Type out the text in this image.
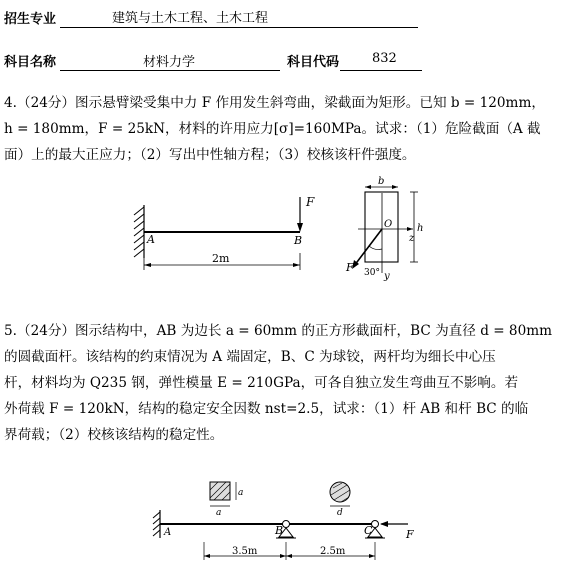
招生专业	建筑与土木工程、土木工程
科目名称	材料力学	科目代码	832
4.（24分）图示悬臂梁受集中力 F 作用发生斜弯曲，梁截面为矩形。已知 b = 120mm，
h = 180mm，F = 25kN，材料的许用应力[σ]=160MPa。试求：（1）危险截面（A 截
面）上的最大正应力；（2）写出中性轴方程；（3）校核该杆件强度。
F
A	B
2m
b
z
O h
F 30° y
5.（24分）图示结构中，AB 为边长 a = 60mm 的正方形截面杆，BC 为直径 d = 80mm
的圆截面杆。该结构的约束情况为 A 端固定，B、C 为球铰，两杆均为细长中心压
杆，材料均为 Q235 钢，弹性模量 E = 210GPa，可各自独立发生弯曲互不影响。若
外荷载 F = 120kN，结构的稳定安全因数 nst=2.5，试求：（1）杆 AB 和杆 BC 的临
界荷载；（2）校核该结构的稳定性。
a
a	d
B	C
A	F
3.5m	2.5m
